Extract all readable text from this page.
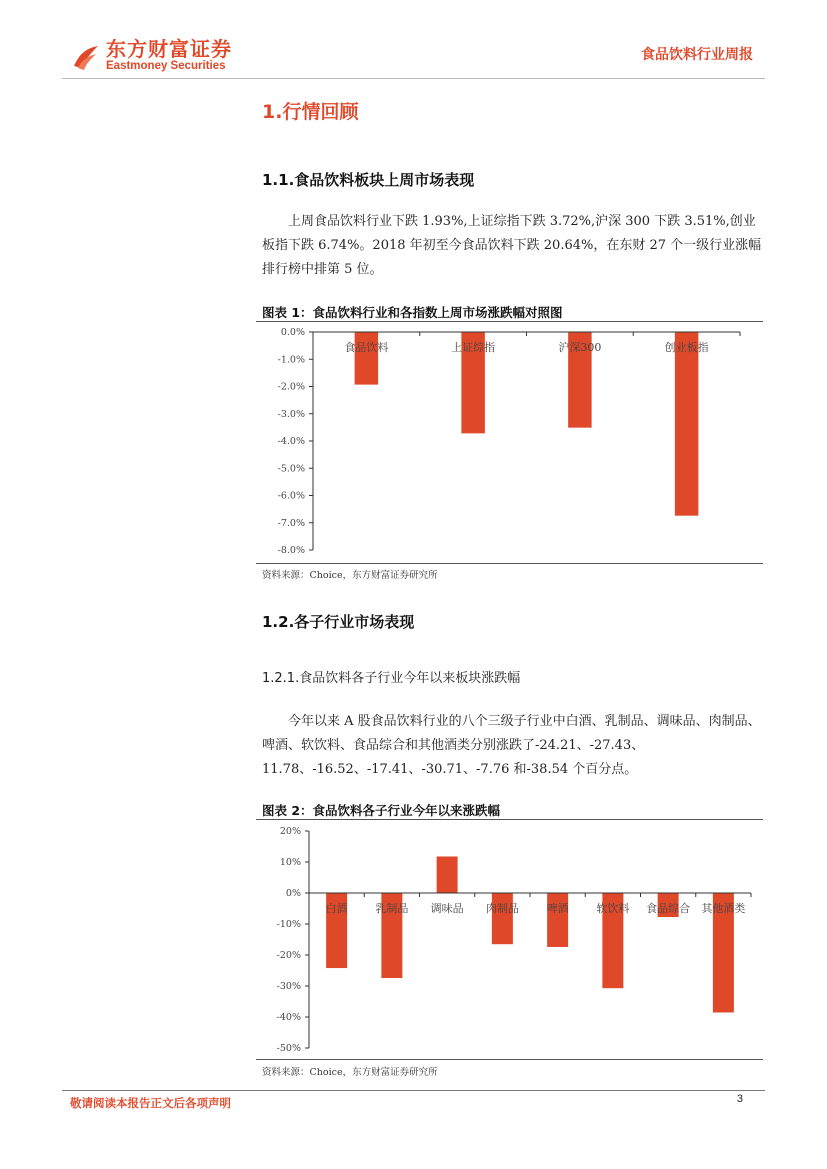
东方财富证券
Eastmoney Securities
食品饮料行业周报
1.行情回顾
1.1.食品饮料板块上周市场表现

上周食品饮料行业下跌 1.93%,上证综指下跌 3.72%,沪深 300 下跌 3.51%,创业板指下跌 6.74%。2018 年初至今食品饮料下跌 20.64%，在东财 27 个一级行业涨幅排行榜中排第 5 位。

图表 1：食品饮料行业和各指数上周市场涨跌幅对照图
0.0%
-1.0%
-2.0%
-3.0%
-4.0%
-5.0%
-6.0%
-7.0%
-8.0%
食品饮料	上证综指	沪深300	创业板指
资料来源：Choice，东方财富证券研究所
1.2.各子行业市场表现
1.2.1.食品饮料各子行业今年以来板块涨跌幅

今年以来 A 股食品饮料行业的八个三级子行业中白酒、乳制品、调味品、肉制品、啤酒、软饮料、食品综合和其他酒类分别涨跌了-24.21、-27.43、11.78、-16.52、-17.41、-30.71、-7.76 和-38.54 个百分点。

图表 2：食品饮料各子行业今年以来涨跌幅
20%
10%
0%
-10%
-20%
-30%
-40%
-50%
白酒	乳制品 调味品 肉制品	啤酒	软饮料 食品综合 其他酒类
资料来源：Choice，东方财富证券研究所
敬请阅读本报告正文后各项声明	3
